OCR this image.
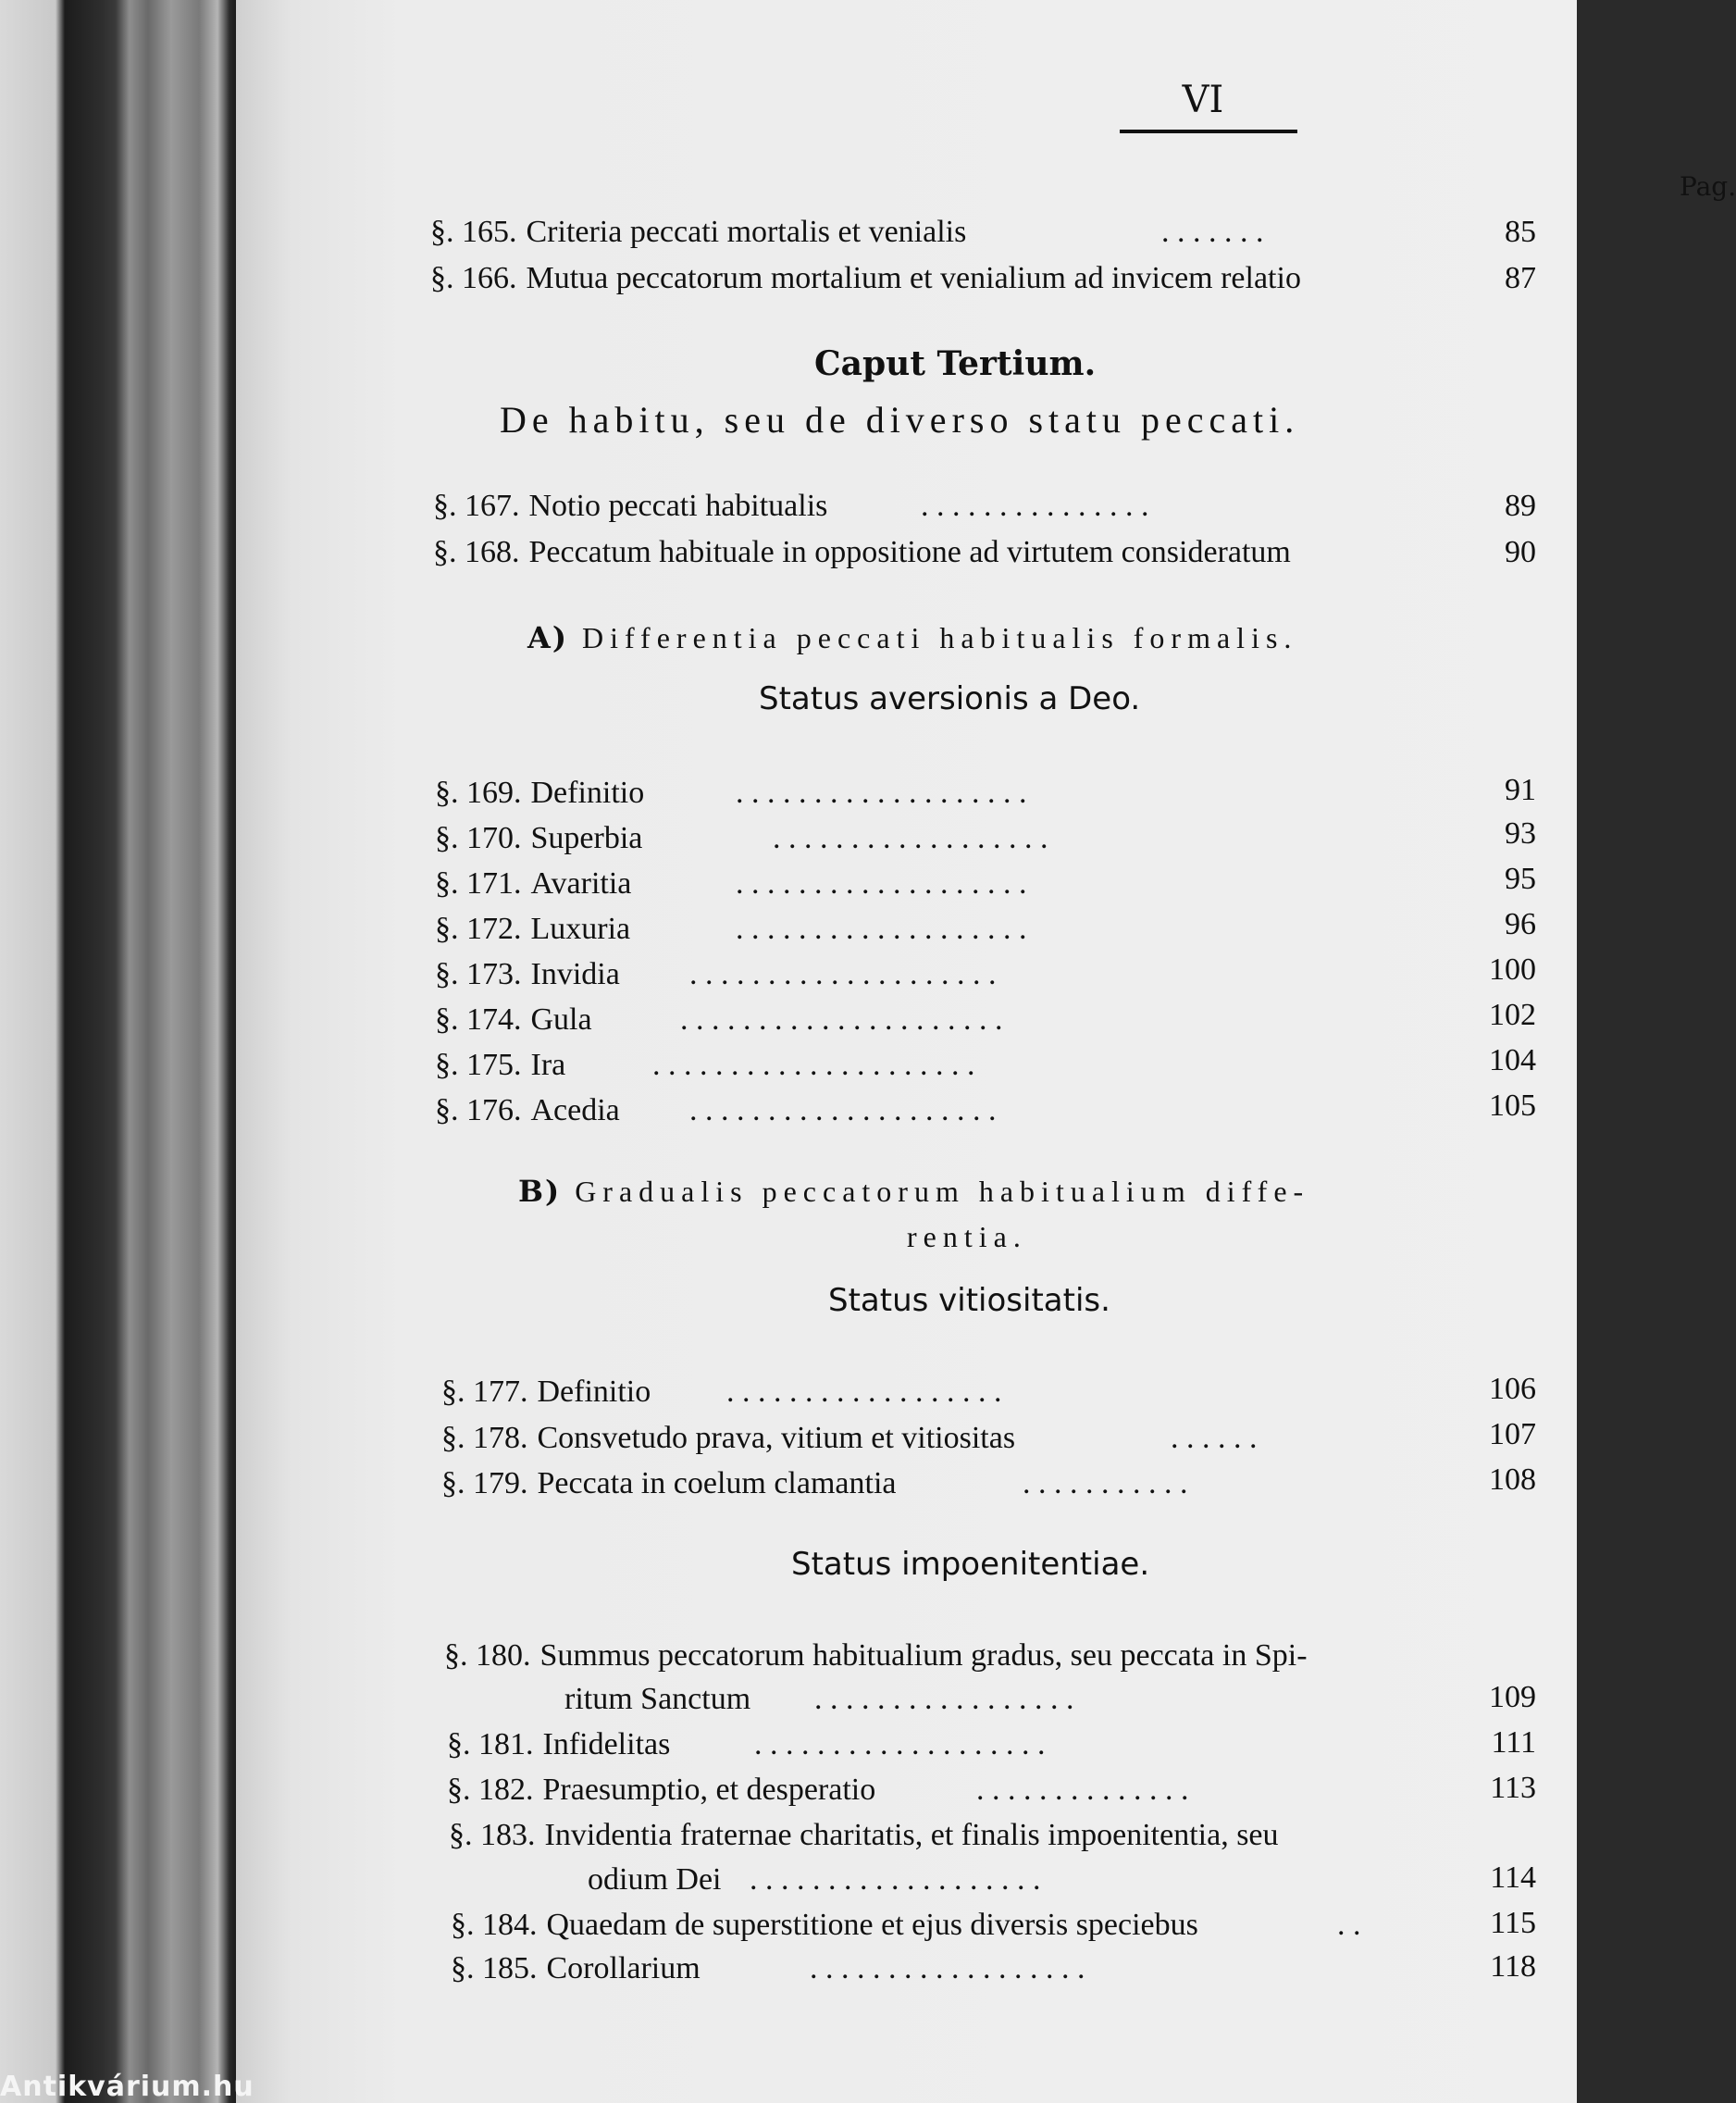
VI
Pag.
§. 165. Criteria peccati mortalis et venialis	. . . . . . .	85
§. 166. Mutua peccatorum mortalium et venialium ad invicem relatio	87
Caput Tertium.
De habitu, seu de diverso statu peccati.
§. 167. Notio peccati habitualis	. . . . . . . . . . . . . . .	89
§. 168. Peccatum habituale in oppositione ad virtutem consideratum	90
A) Differentia peccati habitualis formalis.
Status aversionis a Deo.
§. 169. Definitio	. . . . . . . . . . . . . . . . . . .	91
§. 170. Superbia	. . . . . . . . . . . . . . . . . .	93
§. 171. Avaritia	. . . . . . . . . . . . . . . . . . .	95
§. 172. Luxuria	. . . . . . . . . . . . . . . . . . .	96
§. 173. Invidia . . . . . . . . . . . . . . . . . . . .	100
§. 174. Gula	. . . . . . . . . . . . . . . . . . . . .	102
§. 175. Ira	. . . . . . . . . . . . . . . . . . . . .	104
§. 176. Acedia . . . . . . . . . . . . . . . . . . . .	105
B) Gradualis peccatorum habitualium diffe-
rentia.
Status vitiositatis.
§. 177. Definitio . . . . . . . . . . . . . . . . . .	106
§. 178. Consvetudo prava, vitium et vitiositas	. . . . . .	107
§. 179. Peccata in coelum clamantia	. . . . . . . . . . .	108
Status impoenitentiae.
§. 180. Summus peccatorum habitualium gradus, seu peccata in Spi-
ritum Sanctum . . . . . . . . . . . . . . . . .	109
§. 181. Infidelitas	. . . . . . . . . . . . . . . . . . .	111
§. 182. Praesumptio, et desperatio	. . . . . . . . . . . . . .	113
§. 183. Invidentia fraternae charitatis, et finalis impoenitentia, seu
odium Dei . . . . . . . . . . . . . . . . . . .	114
§. 184. Quaedam de superstitione et ejus diversis speciebus	. .	115
§. 185. Corollarium	. . . . . . . . . . . . . . . . . .	118
Antikvárium.hu
